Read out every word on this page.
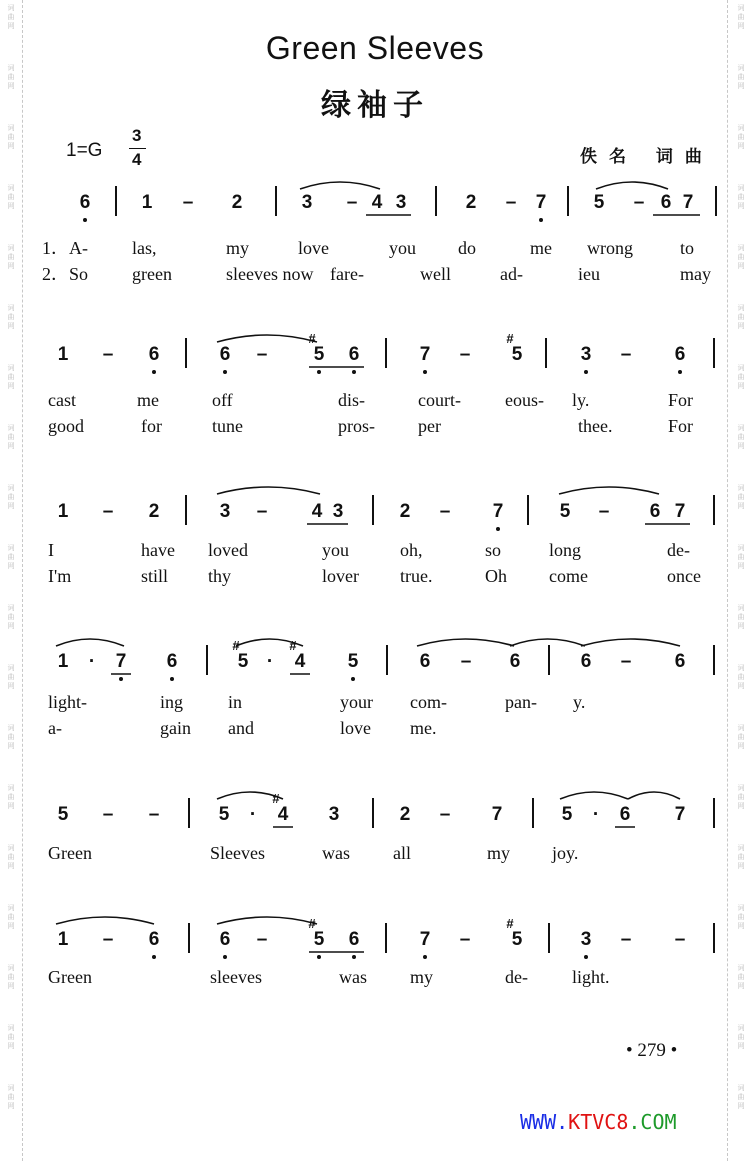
词
曲
网
词
曲
网
词
曲
网
词
曲
网
词
曲
网
词
曲
网
词
曲
网
词
曲
网
词
曲
网
词
曲
网
词
曲
网
词
曲
网
词
曲
网
词
曲
网
词
曲
网
词
曲
网
词
曲
网
词
曲
网
词
曲
网
词
曲
网
词
曲
网
词
曲
网
词
曲
网
词
曲
网
词
曲
网
词
曲
网
词
曲
网
词
曲
网
词
曲
网
词
曲
网
词
曲
网
词
曲
网
词
曲
网
词
曲
网
词
曲
网
词
曲
网
词
曲
网
词
曲
网
Green Sleeves
绿袖子
1=G
3
4	佚名 词曲
6	1 – 2	3 – 4 3	2 – 7 5 – 6 7
1．A- las,	my	love	you do	me wrong	to
2．So green	sleeves now fare-	well	ad-	ieu	may
1 – 6	6 – 5
#
6	7 – 5
#
3 – 6
cast	me	off	dis-	court- eous- ly.	For
good	for	tune	pros- per	thee.	For
1 – 2	3 – 4 3	2 – 7	5 – 6 7
I	have loved	you	oh,	so	long	de-
I'm	still thy	lover true.	Oh come	once
1	·	7 6	5
#
·	4
#
5	6 – 6	6 – 6
light-	ing in	your com-	pan- y.
a-	gain and	love me.
5 – –	5	·	4
#
3	2 – 7	5	·	6 7
Green	Sleeves	was all	my joy.
1 – 6	6 – 5
#
6	7 – 5
#
3 – –
Green	sleeves	was my	de- light.
• 279 •
WWW.KTVC8.COM
